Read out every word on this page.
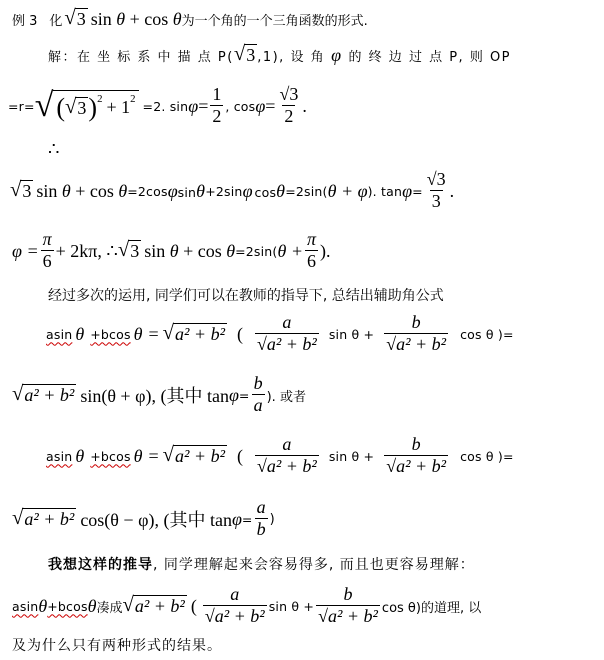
例 3 化 √ 3 sin θ + cos θ 为一个角的一个三角函数的形式.
解：在 坐 标 系 中 描 点 P( √ 3 ,1), 设 角 φ 的 终 边 过 点 P, 则 OP
=r= √ ( √ 3 )$^2 + 1^2 =2$. $\sin \varphi = \frac{1}{2}$ , $\cos \varphi = \frac{√3}{2}$ .
∴
√ 3 sin θ + cos θ =2cos φ sinθ +2sin φ cosθ =2sin( θ + φ ). $\tan \varphi = \frac{√3}{3}$ .
$\varphi = \frac{\pi}{6} + 2k\pi$ , ∴ √ 3 sin θ + cos θ =2sin( $\theta + \frac{\pi}{6}$ ).
经过多次的运用, 同学们可以在教师的指导下, 总结出辅助角公式
asin θ +bcos θ = √ a² + b² ( $\frac{a}{\text{√a² + b²}}$ $\sin \theta + \frac{b}{\text{√a² + b²}}$ cos θ )=
√ a² + b² sin(θ + φ), (其中 $\tan \varphi = \frac{b}{a}$ ). 或者
asin θ +bcos θ = √ a² + b² ( $\frac{a}{\text{√a² + b²}}$ $\sin \theta + \frac{b}{\text{√a² + b²}}$ cos θ )=
√ a² + b² cos(θ − φ), (其中 $\tan \varphi = \frac{a}{b}$ )
我想这样的推导 , 同学理解起来会容易得多, 而且也更容易理解：
asin θ +bcos θ 凑成 √ a² + b² ( $\frac{a}{\text{√a² + b²}}$ $\sin \theta + \frac{b}{\text{√a² + b²}}$ cos θ)的道理, 以
及为什么只有两种形式的结果。
